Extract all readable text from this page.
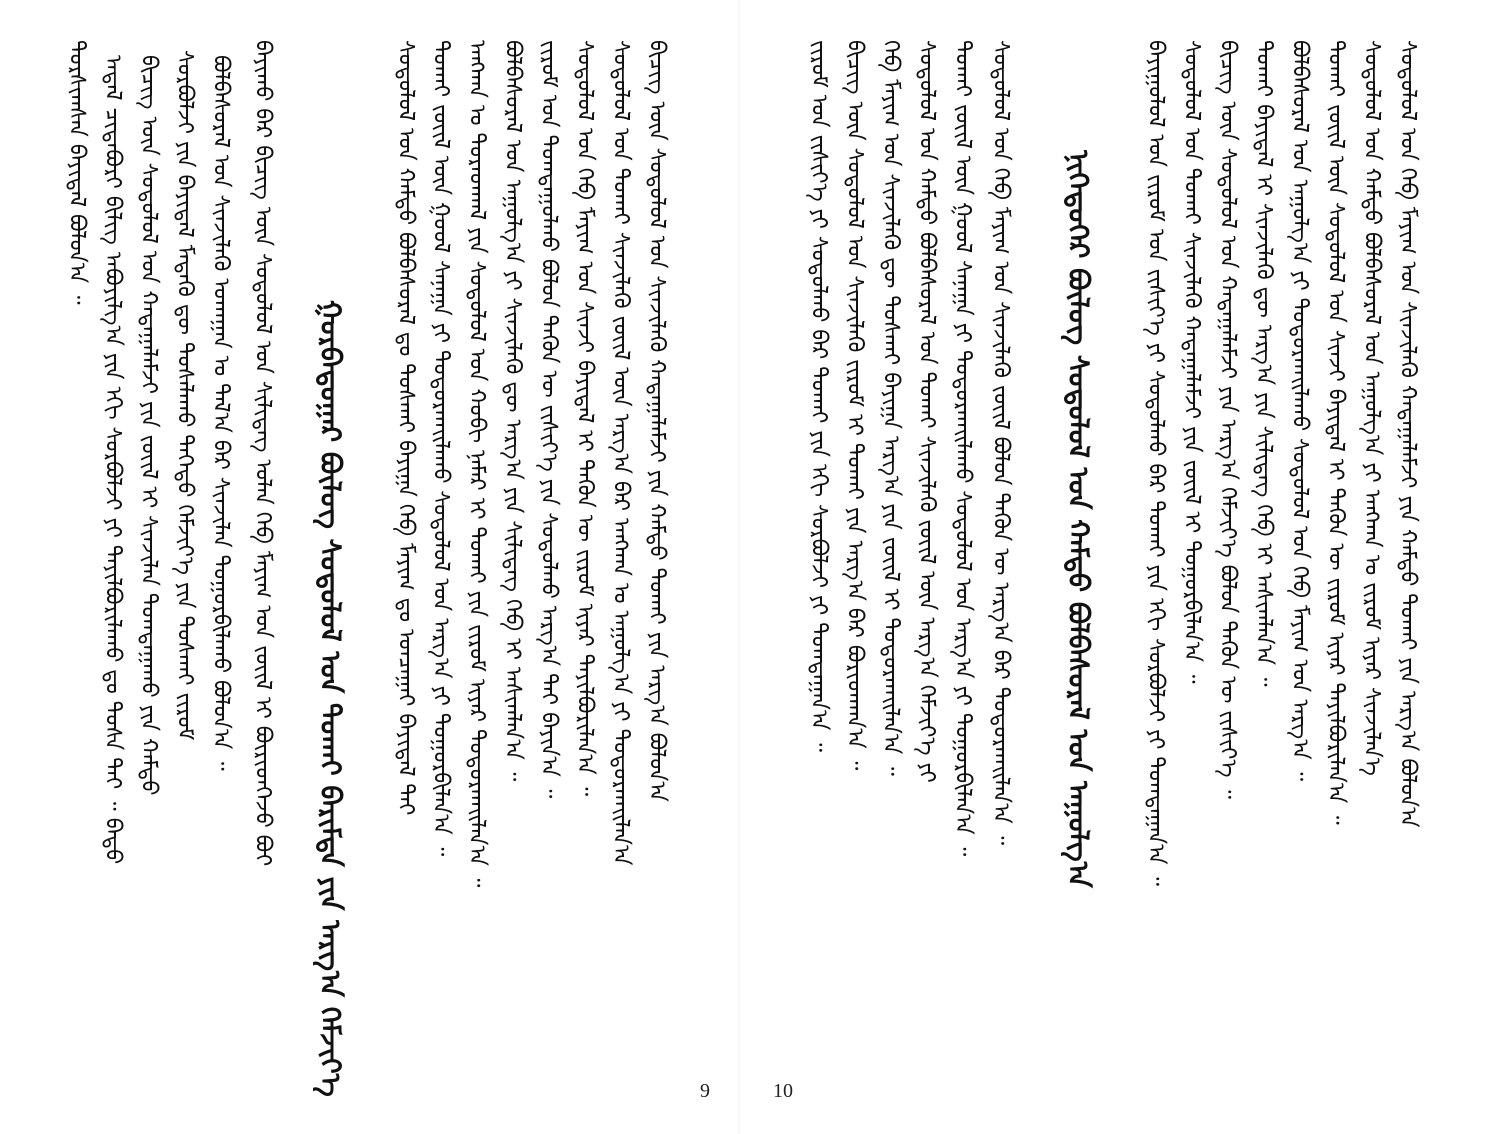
ᠲᠤᠷᠰᠢᠭᠰᠠᠨ ᠪᠠᠶᠢᠳᠠᠯ ᠪᠤᠯᠤᠨ᠎ᠠ ᠃ ᠠᠳᠠᠯ ᠴᠢᠳᠠᠪᠤᠷᠢ ᠪᠢᠯᠢᠭ ᠠᠪᠤᠶᠢᠯᠭ᠎ᠠ ᠶᠢᠨ ᠡᠬᠢ ᠰᠤᠷᠪᠤᠯᠵᠢ ᠶᠢ ᠲᠠᠶᠢᠯᠪᠤᠷᠢᠯᠠᠬᠤ ᠳᠤ ᠲᠤᠰᠠ ᠲᠠᠢ ᠃ ᠪᠠᠳᠤ ᠪᠢᠴᠢᠭ ᠦᠨ ᠰᠤᠳᠤᠯᠤᠯ ᠤᠨ ᠬᠠᠳᠠᠭᠠᠯᠠᠮᠵᠢ ᠶᠢᠨ ᠵᠦᠢᠯ ᠢ ᠰᠢᠨᠵᠢᠯᠡᠨ ᠲᠣᠭᠲᠠᠭᠠᠬᠤ ᠶᠢᠨ ᠬᠠᠮᠲᠤ ᠰᠤᠷᠪᠤᠯᠵᠢ ᠶᠢᠨ ᠪᠠᠶᠢᠳᠠᠯ ᠮᠡᠳᠡᠬᠦ ᠳᠦ ᠲᠤᠰᠠᠯᠠᠬᠤ ᠳᠡᠭᠡᠳᠦ ᠬᠡᠮᠵᠢᠶ᠎ᠡ ᠶᠢᠨ ᠲᠤᠰᠬᠠᠢ ᠵᠢᠷᠤᠮ ᠪᠣᠯᠪᠠᠰᠤᠷᠠᠯ ᠤᠨ ᠰᠢᠨᠵᠢᠯᠡᠬᠦ ᠤᠬᠠᠭᠠᠨ ᠤ ᠲᠠᠯ᠎ᠠ ᠪᠠᠷ ᠰᠢᠨᠵᠢᠯᠡᠨ ᠲᠤᠭᠤᠷᠪᠢᠯᠠᠬᠤ ᠪᠤᠯᠤᠨ᠎ᠠ ᠃ ᠪᠠᠶᠢᠬᠤ ᠪᠠᠷ ᠪᠢᠴᠢᠭ ᠦᠨ ᠰᠤᠳᠤᠯᠤᠯ ᠤᠨ ᠰᠢᠯᠢᠳᠡᠭ ᠤᠯᠠᠨ ᠬᠡᠪ ᠮᠠᠶᠢᠭ ᠤᠨ ᠵᠦᠢᠯ ᠢ ᠪᠦᠷᠢᠳᠬᠡᠵᠦ ᠪᠤᠢ ᠭᠤᠷᠪᠠᠳᠤᠭᠠᠷ ᠪᠦᠯᠦᠭ ᠰᠤᠳᠤᠯᠤᠯ ᠤᠨ ᠲᠤᠬᠠᠢ ᠪᠠᠷᠢᠮᠲᠠ ᠶᠢᠨ ᠠᠷᠭ᠎ᠠ ᠬᠡᠮᠵᠢᠶ᠎ᠡ ᠰᠤᠳᠤᠯᠤᠯ ᠤᠨ ᠬᠠᠮᠲᠤ ᠪᠤᠯᠪᠠᠰᠤᠷᠠᠯ ᠳᠤ ᠲᠤᠰᠬᠠᠢ ᠪᠠᠶᠢᠭᠠ ᠬᠡᠪ ᠮᠠᠶᠢᠭ ᠳᠤ ᠣᠨᠴᠠᠭᠠᠢ ᠪᠠᠶᠢᠳᠠᠯ ᠲᠠᠢ ᠲᠤᠬᠠᠢ ᠵᠦᠢᠯ ᠦᠨ ᠭᠣᠣᠯ ᠰᠠᠨᠠᠭᠠ ᠶᠢ ᠲᠣᠳᠤᠷᠬᠠᠢᠯᠠᠬᠤ ᠰᠤᠳᠤᠯᠤᠯ ᠤᠨ ᠠᠷᠭ᠎ᠠ ᠶᠢ ᠲᠤᠭᠤᠷᠪᠢᠯᠠᠨ᠎ᠠ ᠃ ᠠᠩᠬᠠᠨ ᠤ ᠳᠤᠷᠠᠳᠬᠠᠯ ᠶᠢᠨ ᠰᠤᠳᠤᠯᠤᠯ ᠤᠨ ᠬᠤᠪᠢ ᠨᠡᠮᠡᠷ ᠢ ᠲᠤᠬᠠᠢ ᠶᠢᠨ ᠵᠢᠷᠤᠮ ᠢᠶᠠᠷ ᠲᠣᠳᠤᠷᠬᠠᠢᠯᠠᠨ᠎ᠠ ᠃ ᠪᠤᠯᠪᠠᠰᠤᠷᠠᠯ ᠤᠨ ᠠᠭᠤᠯᠭ᠎ᠠ ᠶᠢ ᠰᠢᠨᠵᠢᠯᠡᠬᠦ ᠳᠦ ᠠᠷᠭ᠎ᠠ ᠶᠢᠨ ᠰᠢᠯᠢᠳᠡᠭ ᠬᠡᠪ ᠢ ᠠᠰᠢᠭᠯᠠᠨ᠎ᠠ ᠃ ᠵᠢᠷᠤᠮ ᠤᠨ ᠲᠣᠭᠲᠠᠭᠤᠯᠬᠤ ᠪᠣᠯᠣᠨ ᠲᠡᠭᠦᠨ ᠦ ᠵᠢᠱᠢᠶ᠎ᠡ ᠶᠢᠨ ᠰᠤᠳᠤᠯᠬᠤ ᠠᠷᠭ᠎ᠠ ᠲᠠᠢ ᠪᠠᠶᠢᠨ᠎ᠠ ᠃ ᠰᠤᠳᠤᠯᠤᠯ ᠤᠨ ᠬᠡᠪ ᠮᠠᠶᠢᠭ ᠤᠨ ᠰᠢᠨᠵᠢ ᠪᠠᠶᠢᠳᠠᠯ ᠢ ᠲᠡᠭᠦᠨ ᠦ ᠵᠢᠷᠤᠮ ᠢᠶᠠᠷ ᠲᠠᠶᠢᠯᠪᠤᠷᠢᠯᠠᠨ᠎ᠠ ᠃ ᠰᠤᠳᠤᠯᠤᠯ ᠤᠨ ᠲᠤᠬᠠᠢ ᠰᠢᠨᠵᠢᠯᠡᠬᠦ ᠵᠦᠢᠯ ᠦᠨ ᠠᠷᠭ᠎ᠠ ᠪᠠᠷ ᠠᠩᠬᠠᠨ ᠤ ᠠᠭᠤᠯᠭ᠎ᠠ ᠶᠢ ᠲᠣᠳᠤᠷᠬᠠᠢᠯᠠᠨ᠎ᠠ ᠪᠢᠴᠢᠭ ᠦᠨ ᠰᠤᠳᠤᠯᠤᠯ ᠤᠨ ᠰᠢᠨᠵᠢᠯᠡᠬᠦ ᠬᠠᠳᠠᠭᠠᠯᠠᠮᠵᠢ ᠶᠢᠨ ᠬᠠᠮᠲᠤ ᠲᠤᠬᠠᠢ ᠶᠢᠨ ᠠᠷᠭ᠎ᠠ ᠪᠤᠯᠤᠨ᠎ᠠ	ᠵᠢᠷᠤᠮ ᠤᠨ ᠵᠢᠱᠢᠶ᠎ᠡ ᠶᠢ ᠰᠤᠳᠤᠯᠬᠤ ᠪᠠᠷ ᠲᠤᠬᠠᠢ ᠶᠢᠨ ᠡᠬᠢ ᠰᠤᠷᠪᠤᠯᠵᠢ ᠶᠢ ᠲᠣᠭᠲᠠᠭᠠᠨ᠎ᠠ ᠃ ᠪᠢᠴᠢᠭ ᠦᠨ ᠰᠤᠳᠤᠯᠤᠯ ᠤᠨ ᠰᠢᠨᠵᠢᠯᠡᠬᠦ ᠵᠢᠷᠤᠮ ᠢ ᠲᠤᠬᠠᠢ ᠶᠢᠨ ᠠᠷᠭ᠎ᠠ ᠪᠠᠷ ᠪᠤᠷᠢᠳᠬᠠᠨ᠎ᠠ ᠃ ᠬᠡᠪ ᠮᠠᠶᠢᠭ ᠤᠨ ᠰᠢᠨᠵᠢᠯᠡᠬᠦ ᠳᠦ ᠲᠤᠰᠬᠠᠢ ᠪᠠᠶᠢᠭᠠ ᠠᠷᠭ᠎ᠠ ᠶᠢᠨ ᠵᠦᠢᠯ ᠢ ᠲᠣᠳᠤᠷᠬᠠᠢᠯᠠᠨ᠎ᠠ ᠃ ᠰᠤᠳᠤᠯᠤᠯ ᠤᠨ ᠬᠠᠮᠲᠤ ᠪᠤᠯᠪᠠᠰᠤᠷᠠᠯ ᠤᠨ ᠲᠤᠬᠠᠢ ᠰᠢᠨᠵᠢᠯᠡᠬᠦ ᠵᠦᠢᠯ ᠦᠨ ᠠᠷᠭ᠎ᠠ ᠬᠡᠮᠵᠢᠶ᠎ᠡ ᠶᠢ ᠲᠤᠬᠠᠢ ᠵᠦᠢᠯ ᠦᠨ ᠭᠣᠣᠯ ᠰᠠᠨᠠᠭᠠ ᠶᠢ ᠲᠣᠳᠤᠷᠬᠠᠢᠯᠠᠬᠤ ᠰᠤᠳᠤᠯᠤᠯ ᠤᠨ ᠠᠷᠭ᠎ᠠ ᠶᠢ ᠲᠤᠭᠤᠷᠪᠢᠯᠠᠨ᠎ᠠ ᠃ ᠰᠤᠳᠤᠯᠤᠯ ᠤᠨ ᠬᠡᠪ ᠮᠠᠶᠢᠭ ᠤᠨ ᠰᠢᠨᠵᠢᠯᠡᠬᠦ ᠵᠦᠢᠯ ᠪᠣᠯᠣᠨ ᠲᠡᠭᠦᠨ ᠦ ᠠᠷᠭ᠎ᠠ ᠪᠠᠷ ᠲᠣᠳᠤᠷᠬᠠᠢᠯᠠᠨ᠎ᠠ ᠃ ᠨᠢᠭᠡᠳᠦᠭᠡᠷ ᠪᠦᠯᠦᠭ ᠰᠤᠳᠤᠯᠤᠯ ᠤᠨ ᠬᠠᠮᠲᠤ ᠪᠤᠯᠪᠠᠰᠤᠷᠠᠯ ᠤᠨ ᠠᠭᠤᠯᠭ᠎ᠠ ᠪᠠᠶᠢᠭᠤᠯᠤᠯ ᠤᠨ ᠵᠢᠷᠤᠮ ᠤᠨ ᠵᠢᠱᠢᠶ᠎ᠡ ᠶᠢ ᠰᠤᠳᠤᠯᠬᠤ ᠪᠠᠷ ᠲᠤᠬᠠᠢ ᠶᠢᠨ ᠡᠬᠢ ᠰᠤᠷᠪᠤᠯᠵᠢ ᠶᠢ ᠲᠣᠭᠲᠠᠭᠠᠨ᠎ᠠ ᠃ ᠰᠤᠳᠤᠯᠤᠯ ᠤᠨ ᠲᠤᠬᠠᠢ ᠰᠢᠨᠵᠢᠯᠡᠬᠦ ᠬᠠᠳᠠᠭᠠᠯᠠᠮᠵᠢ ᠶᠢᠨ ᠵᠦᠢᠯ ᠢ ᠲᠤᠭᠤᠷᠪᠢᠯᠠᠨ᠎ᠠ ᠃ ᠪᠢᠴᠢᠭ ᠦᠨ ᠰᠤᠳᠤᠯᠤᠯ ᠤᠨ ᠬᠠᠳᠠᠭᠠᠯᠠᠮᠵᠢ ᠶᠢᠨ ᠠᠷᠭ᠎ᠠ ᠬᠡᠮᠵᠢᠶ᠎ᠡ ᠪᠣᠯᠣᠨ ᠲᠡᠭᠦᠨ ᠦ ᠵᠢᠱᠢᠶ᠎ᠡ ᠃ ᠲᠤᠬᠠᠢ ᠪᠠᠶᠢᠳᠠᠯ ᠢ ᠰᠢᠨᠵᠢᠯᠡᠬᠦ ᠳᠦ ᠠᠷᠭ᠎ᠠ ᠶᠢᠨ ᠰᠢᠯᠢᠳᠡᠭ ᠬᠡᠪ ᠢ ᠠᠰᠢᠭᠯᠠᠨ᠎ᠠ ᠃ ᠪᠤᠯᠪᠠᠰᠤᠷᠠᠯ ᠤᠨ ᠠᠭᠤᠯᠭ᠎ᠠ ᠶᠢ ᠲᠣᠳᠤᠷᠬᠠᠢᠯᠠᠬᠤ ᠰᠤᠳᠤᠯᠤᠯ ᠤᠨ ᠬᠡᠪ ᠮᠠᠶᠢᠭ ᠤᠨ ᠠᠷᠭ᠎ᠠ ᠃ ᠲᠤᠬᠠᠢ ᠵᠦᠢᠯ ᠦᠨ ᠰᠤᠳᠤᠯᠤᠯ ᠤᠨ ᠰᠢᠨᠵᠢ ᠪᠠᠶᠢᠳᠠᠯ ᠢ ᠲᠡᠭᠦᠨ ᠦ ᠵᠢᠷᠤᠮ ᠢᠶᠠᠷ ᠲᠠᠶᠢᠯᠪᠤᠷᠢᠯᠠᠨ᠎ᠠ ᠃ ᠰᠤᠳᠤᠯᠤᠯ ᠤᠨ ᠬᠠᠮᠲᠤ ᠪᠤᠯᠪᠠᠰᠤᠷᠠᠯ ᠤᠨ ᠠᠭᠤᠯᠭ᠎ᠠ ᠶᠢ ᠠᠩᠬᠠᠨ ᠤ ᠵᠢᠷᠤᠮ ᠢᠶᠠᠷ ᠰᠢᠨᠵᠢᠯᠡᠨ᠎ᠡ ᠰᠤᠳᠤᠯᠤᠯ ᠤᠨ ᠬᠡᠪ ᠮᠠᠶᠢᠭ ᠤᠨ ᠰᠢᠨᠵᠢᠯᠡᠬᠦ ᠬᠠᠳᠠᠭᠠᠯᠠᠮᠵᠢ ᠶᠢᠨ ᠬᠠᠮᠲᠤ ᠲᠤᠬᠠᠢ ᠶᠢᠨ ᠠᠷᠭ᠎ᠠ ᠪᠤᠯᠤᠨ᠎ᠠ
9	10
